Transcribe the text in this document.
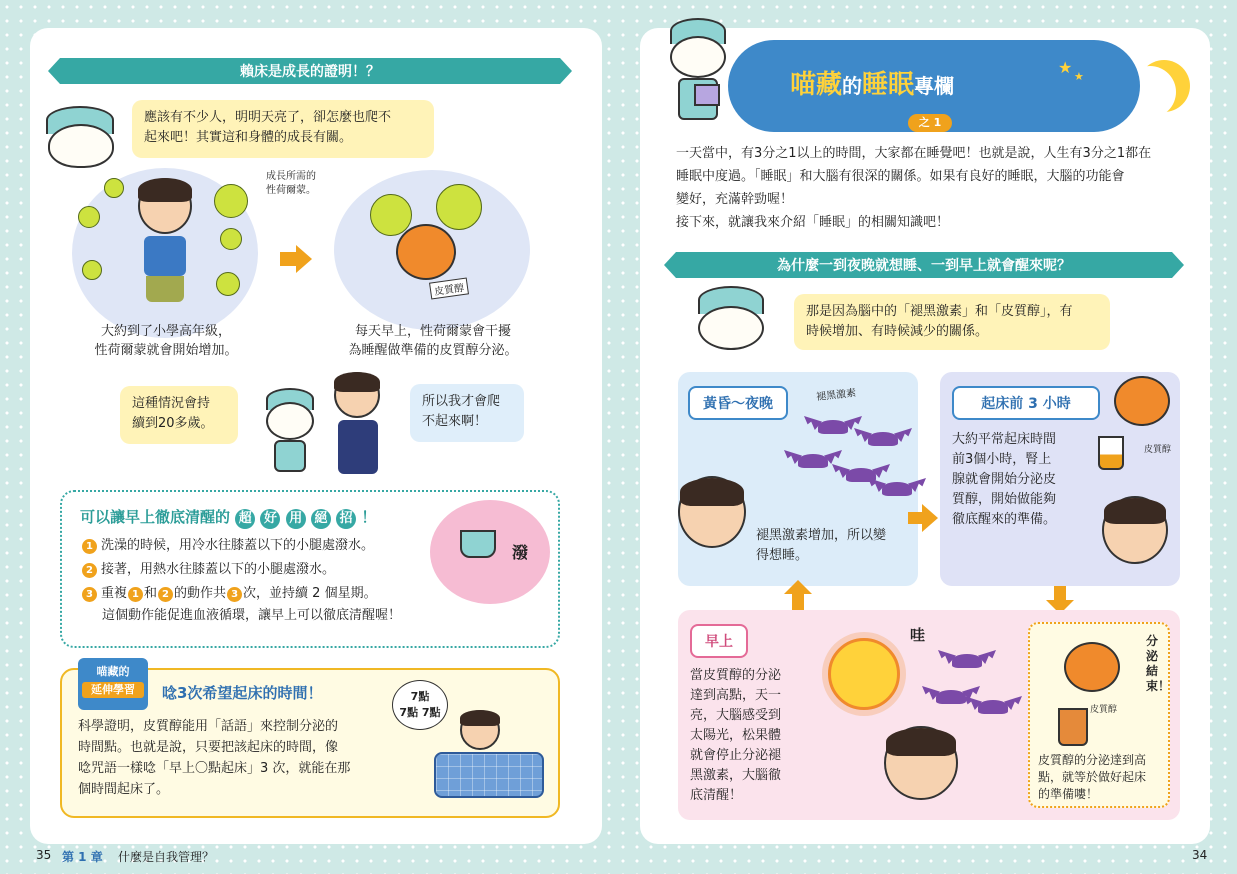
賴床是成長的證明！？
應該有不少人，明明天亮了，卻怎麼也爬不
起來吧！其實這和身體的成長有關。
成長所需的
性荷爾蒙。
大約到了小學高年級，
性荷爾蒙就會開始增加。
皮質醇
每天早上，性荷爾蒙會干擾
為睡醒做準備的皮質醇分泌。
這種情況會持
續到20多歲。
所以我才會爬
不起來啊！
可以讓早上徹底清醒的 超 好 用 絕 招 ！
1 洗澡的時候，用冷水往膝蓋以下的小腿處潑水。
2 接著，用熱水往膝蓋以下的小腿處潑水。
3 重複 1 和 2 的動作共 3 次，並持續 2 個星期。
這個動作能促進血液循環，讓早上可以徹底清醒喔！
潑
喵藏的
延伸學習	唸3次希望起床的時間！
科學證明，皮質醇能用「話語」來控制分泌的
時間點。也就是說，只要把該起床的時間，像
唸咒語一樣唸「早上〇點起床」3 次，就能在那
個時間起床了。
7點
7點 7點
35 第 1 章 什麼是自我管理？
喵藏的睡眠專欄
之 1
★ ★
一天當中，有3分之1以上的時間，大家都在睡覺吧！也就是說，人生有3分之1都在
睡眠中度過。「睡眠」和大腦有很深的關係。如果有良好的睡眠，大腦的功能會
變好，充滿幹勁喔！
接下來，就讓我來介紹「睡眠」的相關知識吧！
為什麼一到夜晚就想睡、一到早上就會醒來呢？
那是因為腦中的「褪黑激素」和「皮質醇」，有
時候增加、有時候減少的關係。
黃昏～夜晚
褪黑激素
褪黑激素增加，所以變
得想睡。
起床前 3 小時
皮質醇
大約平常起床時間
前3個小時，腎上
腺就會開始分泌皮
質醇，開始做能夠
徹底醒來的準備。
早上
當皮質醇的分泌
達到高點，天一
亮，大腦感受到
太陽光，松果體
就會停止分泌褪
黑激素，大腦徹
底清醒！
哇
皮質醇
分泌結束！
皮質醇的分泌達到高
點，就等於做好起床
的準備嘍！
34
